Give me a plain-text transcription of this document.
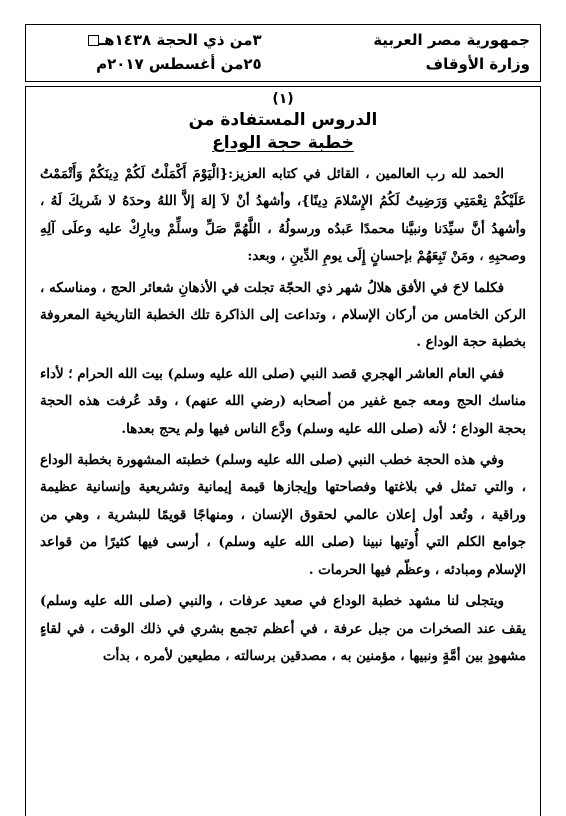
جمهورية مصر العربية
وزارة الأوقاف
٣من ذي الحجة ١٤٣٨هـ
٢٥من أغسطس ٢٠١٧م
(١)
الدروس المستفادة من
خطبة حجة الوداع

الحمد لله رب العالمين ، القائل في كتابه العزيز:{الْيَوْمَ أَكْمَلْتُ لَكُمْ دِينَكُمْ وَأَتْمَمْتُ عَلَيْكُمْ نِعْمَتِي وَرَضِيتُ لَكُمُ الإِسْلامَ دِينًا}، وأشهدُ أنْ لاَ إلهَ إلاَّ اللهُ وحدَهُ لا شَريكَ لَهُ ، وأشهدُ أنَّ سيِّدَنا ونبيَّنا محمدًا عَبدُه ورسولُهُ ، اللَّهُمَّ صَلِّ وسلِّمْ وبارِكْ عليه وعلَى آلِهِ وصحبِهِ ، ومَنْ تَبِعَهُمْ بإحسانٍ إِلَى يومِ الدِّينِ ، وبعد:

فكلما لاحَ في الأفق هلالُ شهر ذي الحجّة تجلت في الأذهانِ شعائر الحج ، ومناسكه ، الركن الخامس من أركان الإسلام ، وتداعت إلى الذاكرة تلك الخطبة التاريخية المعروفة بخطبة حجة الوداع .

ففي العام العاشر الهجري قصد النبي (صلى الله عليه وسلم) بيت الله الحرام ؛ لأداء مناسك الحج ومعه جمع غفير من أصحابه (رضي الله عنهم) ، وقد عُرفت هذه الحجة بحجة الوداع ؛ لأنه (صلى الله عليه وسلم) ودَّع الناس فيها ولم يحج بعدها.

وفي هذه الحجة خطب النبي (صلى الله عليه وسلم) خطبته المشهورة بخطبة الوداع ، والتي تمثل في بلاغتها وفصاحتها وإيجازها قيمة إيمانية وتشريعية وإنسانية عظيمة وراقية ، وتُعد أول إعلان عالمي لحقوق الإنسان ، ومنهاجًا قويمًا للبشرية ، وهي من جوامع الكلم التي أُوتيها نبينا (صلى الله عليه وسلم) ، أرسى فيها كثيرًا من قواعد الإسلام ومبادئه ، وعظّم فيها الحرمات .

ويتجلى لنا مشهد خطبة الوداع في صعيد عرفات ، والنبي (صلى الله عليه وسلم) يقف عند الصخرات من جبل عرفة ، في أعظم تجمع بشري في ذلك الوقت ، في لقاءٍ مشهودٍ بين أمَّةٍ ونبيها ، مؤمنين به ، مصدقين برسالته ، مطيعين لأمره ، بدأت
